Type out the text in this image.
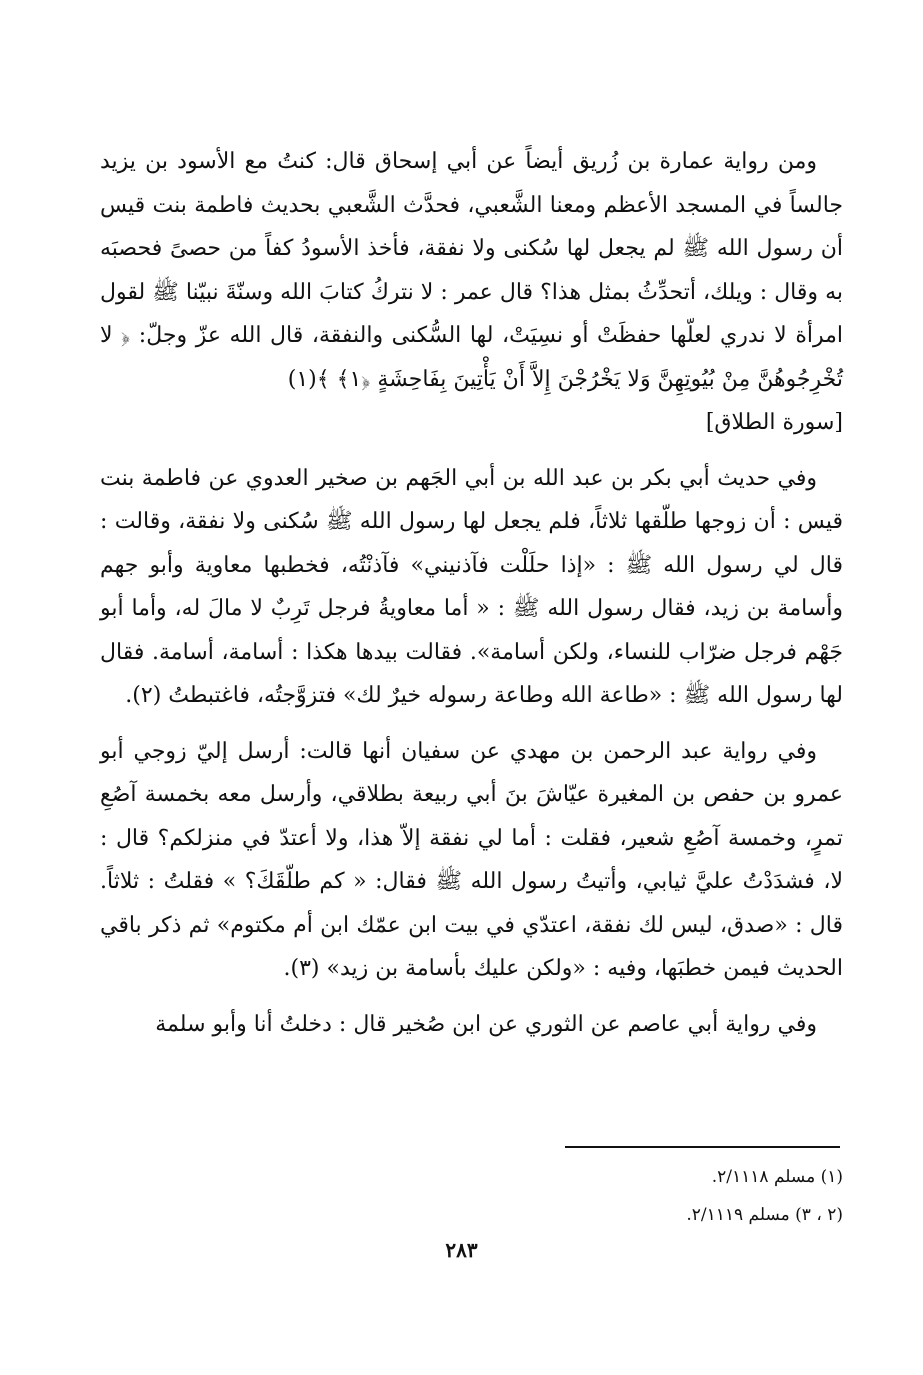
ومن رواية عمارة بن زُريق أيضاً عن أبي إسحاق قال: كنتُ مع الأسود بن يزيد جالساً في المسجد الأعظم ومعنا الشَّعبي، فحدَّث الشَّعبي بحديث فاطمة بنت قيس أن رسول الله ﷺ لم يجعل لها سُكنى ولا نفقة، فأخذ الأسودُ كفاً من حصىً فحصبَه به وقال : ويلك، أتحدِّثُ بمثل هذا؟ قال عمر : لا نتركُ كتابَ الله وسنّةَ نبيّنا ﷺ لقول امرأة لا ندري لعلّها حفظَتْ أو نسِيَتْ، لها السُّكنى والنفقة، قال الله عزّ وجلّ: ﴿ لا تُخْرِجُوهُنَّ مِنْ بُيُوتِهِنَّ وَلا يَخْرُجْنَ إِلاَّ أَنْ يَأْتِينَ بِفَاحِشَةٍ ﴿١﴾ ﴾(١)
[سورة الطلاق]

وفي حديث أبي بكر بن عبد الله بن أبي الجَهم بن صخير العدوي عن فاطمة بنت قيس : أن زوجها طلّقها ثلاثاً، فلم يجعل لها رسول الله ﷺ سُكنى ولا نفقة، وقالت : قال لي رسول الله ﷺ : «إذا حلَلْت فآذنيني» فآذنْتُه، فخطبها معاوية وأبو جهم وأسامة بن زيد، فقال رسول الله ﷺ : « أما معاويةُ فرجل تَرِبٌ لا مالَ له، وأما أبو جَهْم فرجل ضرّاب للنساء، ولكن أسامة». فقالت بيدها هكذا : أسامة، أسامة. فقال لها رسول الله ﷺ : «طاعة الله وطاعة رسوله خيرٌ لك» فتزوَّجتُه، فاغتبطتُ (٢).

وفي رواية عبد الرحمن بن مهدي عن سفيان أنها قالت: أرسل إليّ زوجي أبو عمرو بن حفص بن المغيرة عيّاشَ بنَ أبي ربيعة بطلاقي، وأرسل معه بخمسة آصُعِ تمرٍ، وخمسة آصُعِ شعير، فقلت : أما لي نفقة إلاّ هذا، ولا أعتدّ في منزلكم؟ قال : لا، فشدَدْتُ عليَّ ثيابي، وأتيتُ رسول الله ﷺ فقال: « كم طلّقَكَ؟ » فقلتُ : ثلاثاً. قال : «صدق، ليس لك نفقة، اعتدّي في بيت ابن عمّك ابن أم مكتوم» ثم ذكر باقي الحديث فيمن خطبَها، وفيه : «ولكن عليك بأسامة بن زيد» (٣).

وفي رواية أبي عاصم عن الثوري عن ابن صُخير قال : دخلتُ أنا وأبو سلمة

(١) مسلم ٢/١١١٨.

(٢ ، ٣) مسلم ٢/١١١٩.

٢٨٣
